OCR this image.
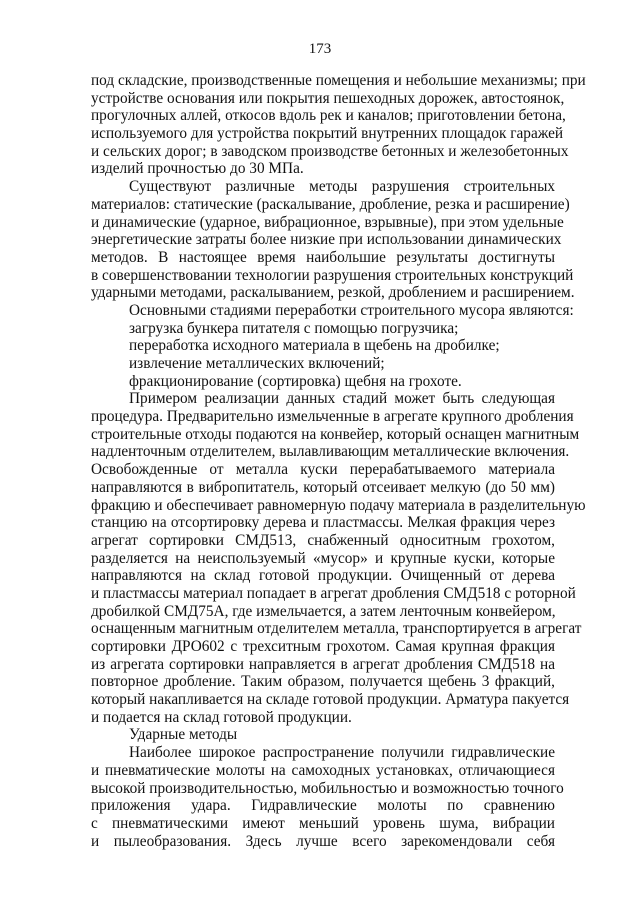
173
под складские, производственные помещения и небольшие механизмы; при
устройстве основания или покрытия пешеходных дорожек, автостоянок,
прогулочных аллей, откосов вдоль рек и каналов; приготовлении бетона,
используемого для устройства покрытий внутренних площадок гаражей
и сельских дорог; в заводском производстве бетонных и железобетонных
изделий прочностью до 30 МПа.
Существуют различные методы разрушения строительных
материалов: статические (раскалывание, дробление, резка и расширение)
и динамические (ударное, вибрационное, взрывные), при этом удельные
энергетические затраты более низкие при использовании динамических
методов. В настоящее время наибольшие результаты достигнуты
в совершенствовании технологии разрушения строительных конструкций
ударными методами, раскалыванием, резкой, дроблением и расширением.
Основными стадиями переработки строительного мусора являются:
загрузка бункера питателя с помощью погрузчика;
переработка исходного материала в щебень на дробилке;
извлечение металлических включений;
фракционирование (сортировка) щебня на грохоте.
Примером реализации данных стадий может быть следующая
процедура. Предварительно измельченные в агрегате крупного дробления
строительные отходы подаются на конвейер, который оснащен магнитным
надленточным отделителем, вылавливающим металлические включения.
Освобожденные от металла куски перерабатываемого материала
направляются в вибропитатель, который отсеивает мелкую (до 50 мм)
фракцию и обеспечивает равномерную подачу материала в разделительную
станцию на отсортировку дерева и пластмассы. Мелкая фракция через
агрегат сортировки СМД513, снабженный односитным грохотом,
разделяется на неиспользуемый «мусор» и крупные куски, которые
направляются на склад готовой продукции. Очищенный от дерева
и пластмассы материал попадает в агрегат дробления СМД518 с роторной
дробилкой СМД75А, где измельчается, а затем ленточным конвейером,
оснащенным магнитным отделителем металла, транспортируется в агрегат
сортировки ДРО602 с трехситным грохотом. Самая крупная фракция
из агрегата сортировки направляется в агрегат дробления СМД518 на
повторное дробление. Таким образом, получается щебень 3 фракций,
который накапливается на складе готовой продукции. Арматура пакуется
и подается на склад готовой продукции.
Ударные методы
Наиболее широкое распространение получили гидравлические
и пневматические молоты на самоходных установках, отличающиеся
высокой производительностью, мобильностью и возможностью точного
приложения удара. Гидравлические молоты по сравнению
с пневматическими имеют меньший уровень шума, вибрации
и пылеобразования. Здесь лучше всего зарекомендовали себя
